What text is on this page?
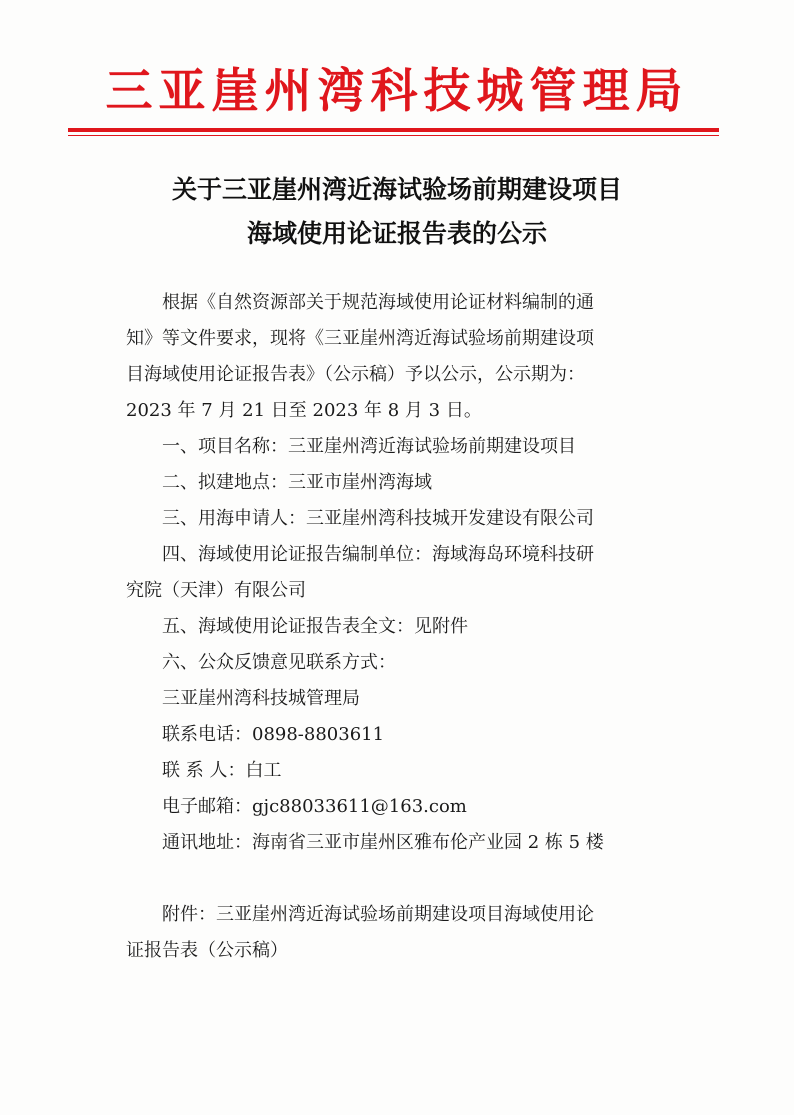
三亚崖州湾科技城管理局
关于三亚崖州湾近海试验场前期建设项目
海域使用论证报告表的公示

根据《自然资源部关于规范海域使用论证材料编制的通

知》等文件要求，现将《三亚崖州湾近海试验场前期建设项

目海域使用论证报告表》（公示稿）予以公示，公示期为：

2023 年 7 月 21 日至 2023 年 8 月 3 日。

一、项目名称：三亚崖州湾近海试验场前期建设项目

二、拟建地点：三亚市崖州湾海域

三、用海申请人：三亚崖州湾科技城开发建设有限公司

四、海域使用论证报告编制单位：海域海岛环境科技研

究院（天津）有限公司

五、海域使用论证报告表全文：见附件

六、公众反馈意见联系方式：

三亚崖州湾科技城管理局

联系电话：0898-8803611

联 系 人：白工

电子邮箱：gjc88033611@163.com

通讯地址：海南省三亚市崖州区雅布伦产业园 2 栋 5 楼

附件：三亚崖州湾近海试验场前期建设项目海域使用论

证报告表（公示稿）
